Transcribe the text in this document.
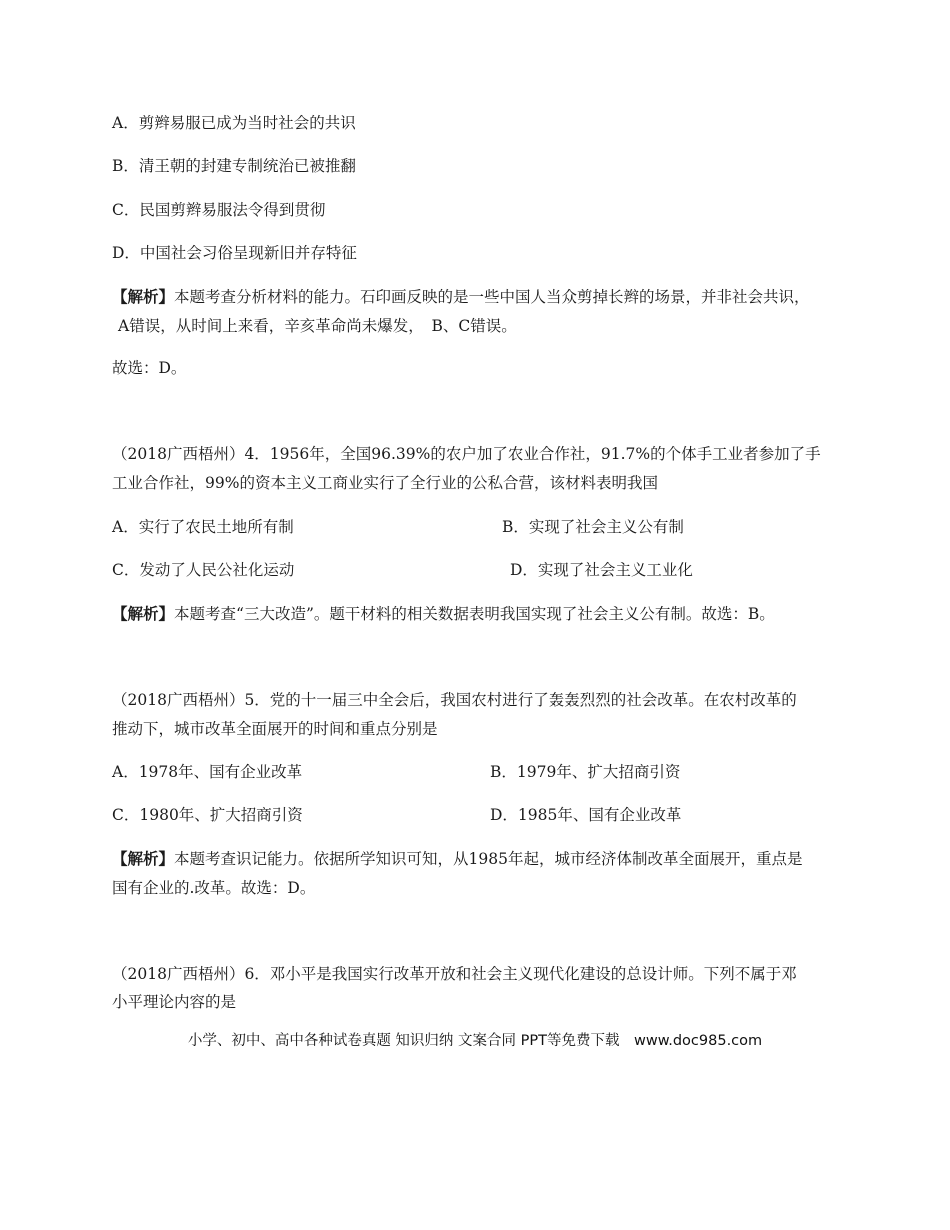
A．剪辫易服已成为当时社会的共识
B．清王朝的封建专制统治已被推翻
C．民国剪辫易服法令得到贯彻
D．中国社会习俗呈现新旧并存特征
【解析】本题考查分析材料的能力。石印画反映的是一些中国人当众剪掉长辫的场景，并非社会共识，
A错误，从时间上来看，辛亥革命尚未爆发，　B、C错误。
故选：D。
（2018广西梧州）4．1956年，全国96.39%的农户加了农业合作社，91.7%的个体手工业者参加了手
工业合作社，99%的资本主义工商业实行了全行业的公私合营，该材料表明我国
A．实行了农民土地所有制	B．实现了社会主义公有制
C．发动了人民公社化运动	D．实现了社会主义工业化
【解析】本题考查“三大改造”。题干材料的相关数据表明我国实现了社会主义公有制。故选：B。
（2018广西梧州）5．党的十一届三中全会后，我国农村进行了轰轰烈烈的社会改革。在农村改革的
推动下，城市改革全面展开的时间和重点分别是
A．1978年、国有企业改革	B．1979年、扩大招商引资
C．1980年、扩大招商引资	D．1985年、国有企业改革
【解析】本题考查识记能力。依据所学知识可知，从1985年起，城市经济体制改革全面展开，重点是
国有企业的.改革。故选：D。
（2018广西梧州）6．邓小平是我国实行改革开放和社会主义现代化建设的总设计师。下列不属于邓
小平理论内容的是
小学、初中、高中各种试卷真题 知识归纳 文案合同 PPT等免费下载　www.doc985.com
